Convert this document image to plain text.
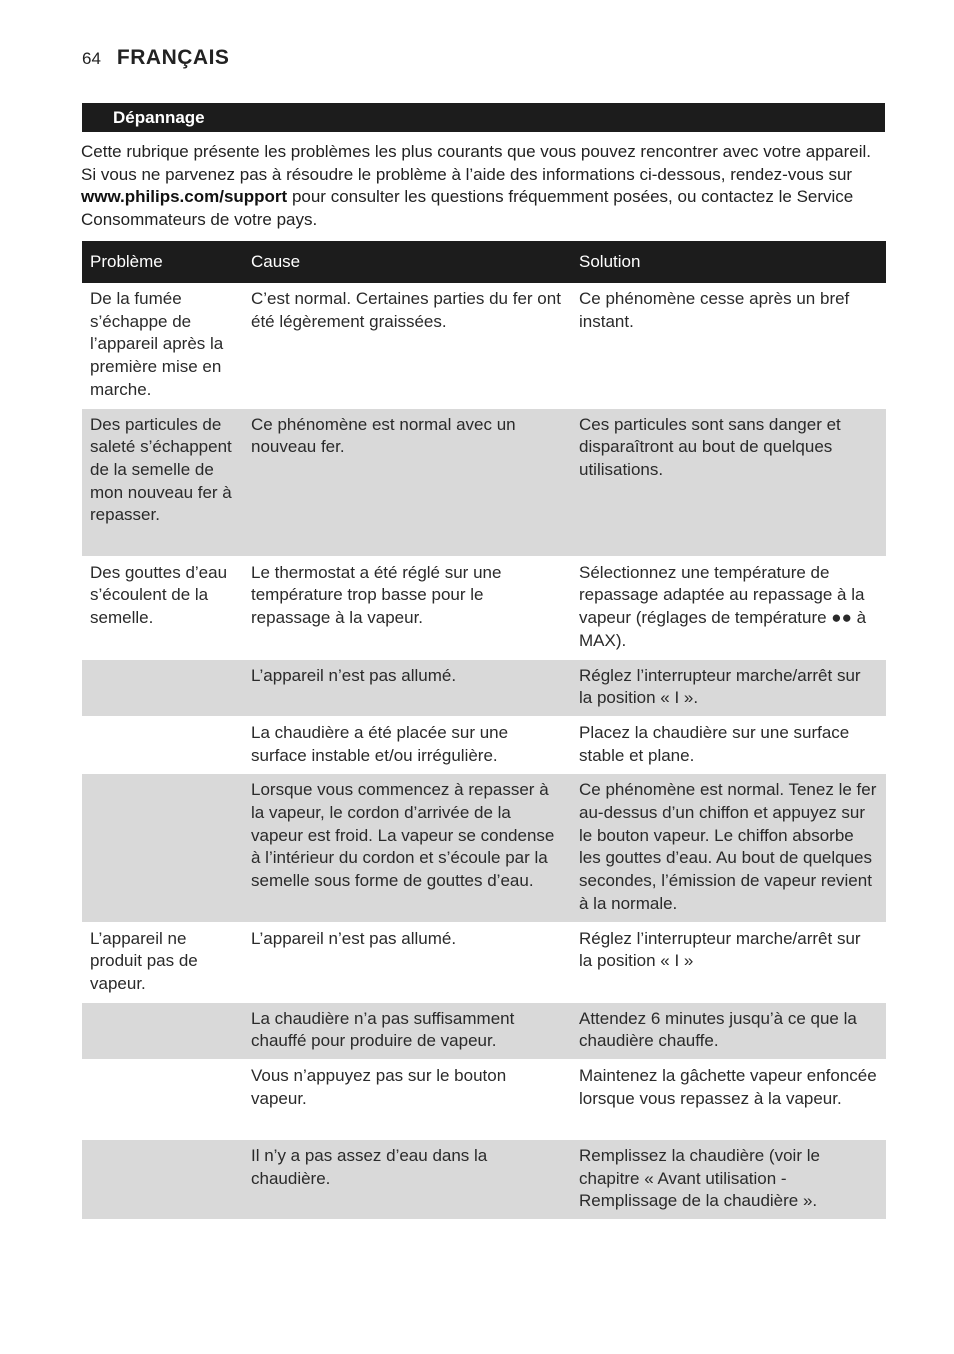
64 FRANÇAIS
Dépannage

Cette rubrique présente les problèmes les plus courants que vous pouvez rencontrer avec votre appareil. Si vous ne parvenez pas à résoudre le problème à l’aide des informations ci-dessous, rendez-vous sur www.philips.com/support pour consulter les questions fréquemment posées, ou contactez le Service Consommateurs de votre pays.

Problème	Cause	Solution
De la fumée s’échappe de l’appareil après la première mise en marche.	C’est normal. Certaines parties du fer ont été légèrement graissées.	Ce phénomène cesse après un bref instant.
Des particules de saleté s’échappent de la semelle de mon nouveau fer à repasser.	Ce phénomène est normal avec un nouveau fer.	Ces particules sont sans danger et disparaîtront au bout de quelques utilisations.
Des gouttes d’eau s’écoulent de la semelle.	Le thermostat a été réglé sur une température trop basse pour le repassage à la vapeur.	Sélectionnez une température de repassage adaptée au repassage à la vapeur (réglages de température ●● à MAX).
	L’appareil n’est pas allumé.	Réglez l’interrupteur marche/arrêt sur la position « I ».
	La chaudière a été placée sur une surface instable et/ou irrégulière.	Placez la chaudière sur une surface stable et plane.
	Lorsque vous commencez à repasser à la vapeur, le cordon d’arrivée de la vapeur est froid. La vapeur se condense à l’intérieur du cordon et s’écoule par la semelle sous forme de gouttes d’eau.	Ce phénomène est normal. Tenez le fer au-dessus d’un chiffon et appuyez sur le bouton vapeur. Le chiffon absorbe les gouttes d’eau. Au bout de quelques secondes, l’émission de vapeur revient à la normale.
L’appareil ne produit pas de vapeur.	L’appareil n’est pas allumé.	Réglez l’interrupteur marche/arrêt sur la position « I »
	La chaudière n’a pas suffisamment chauffé pour produire de vapeur.	Attendez 6 minutes jusqu’à ce que la chaudière chauffe.
	Vous n’appuyez pas sur le bouton vapeur.	Maintenez la gâchette vapeur enfoncée lorsque vous repassez à la vapeur.
	Il n’y a pas assez d’eau dans la chaudière.	Remplissez la chaudière (voir le chapitre « Avant utilisation - Remplissage de la chaudière ».
